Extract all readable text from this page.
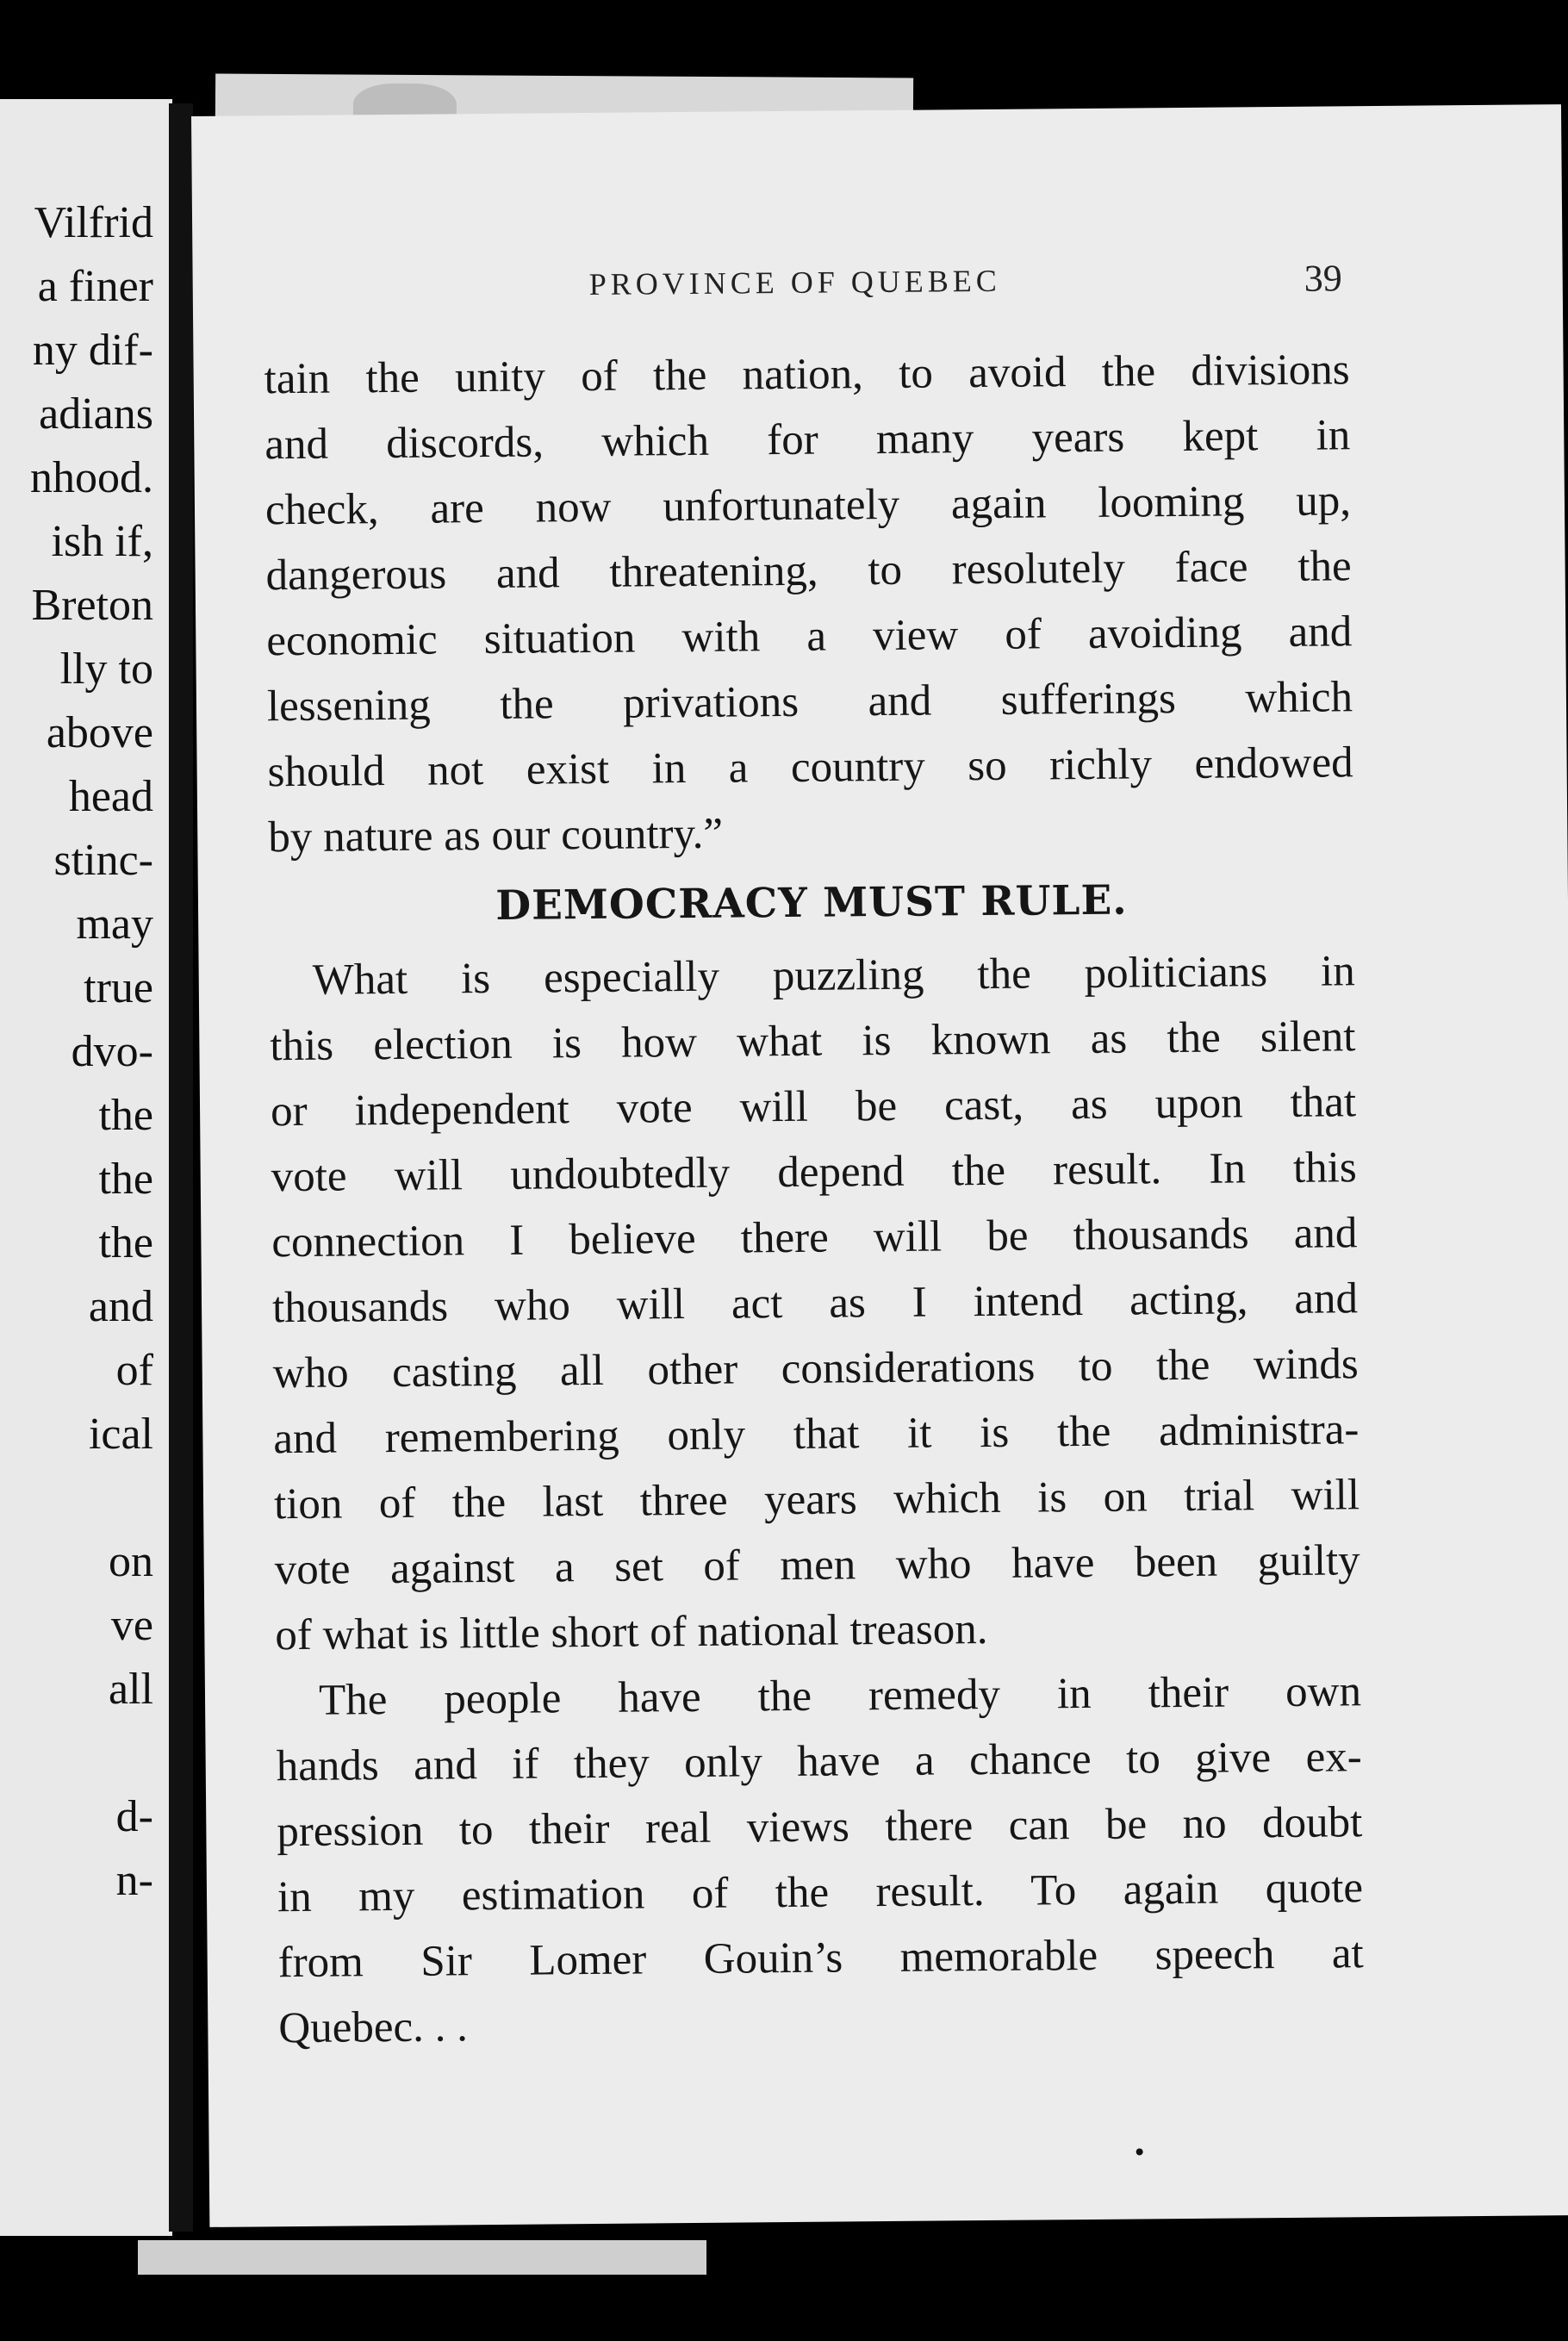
Vilfrid
a finer
ny dif-
adians
nhood.
ish if,
Breton
lly to
above
head
stinc-
may
true
dvo-
the
the
the
and
of
ical
on
ve
all
d-
n-
PROVINCE OF QUEBEC	39

tain the unity of the nation, to avoid the divisions
and discords, which for many years kept in
check, are now unfortunately again looming up,
dangerous and threatening, to resolutely face the
economic situation with a view of avoiding and
lessening the privations and sufferings which
should not exist in a country so richly endowed
by nature as our country.”

DEMOCRACY MUST RULE.

What is especially puzzling the politicians in
this election is how what is known as the silent
or independent vote will be cast, as upon that
vote will undoubtedly depend the result. In this
connection I believe there will be thousands and
thousands who will act as I intend acting, and
who casting all other considerations to the winds
and remembering only that it is the administra-
tion of the last three years which is on trial will
vote against a set of men who have been guilty
of what is little short of national treason.

The people have the remedy in their own
hands and if they only have a chance to give ex-
pression to their real views there can be no doubt
in my estimation of the result. To again quote
from Sir Lomer Gouin’s memorable speech at
Quebec. . .
